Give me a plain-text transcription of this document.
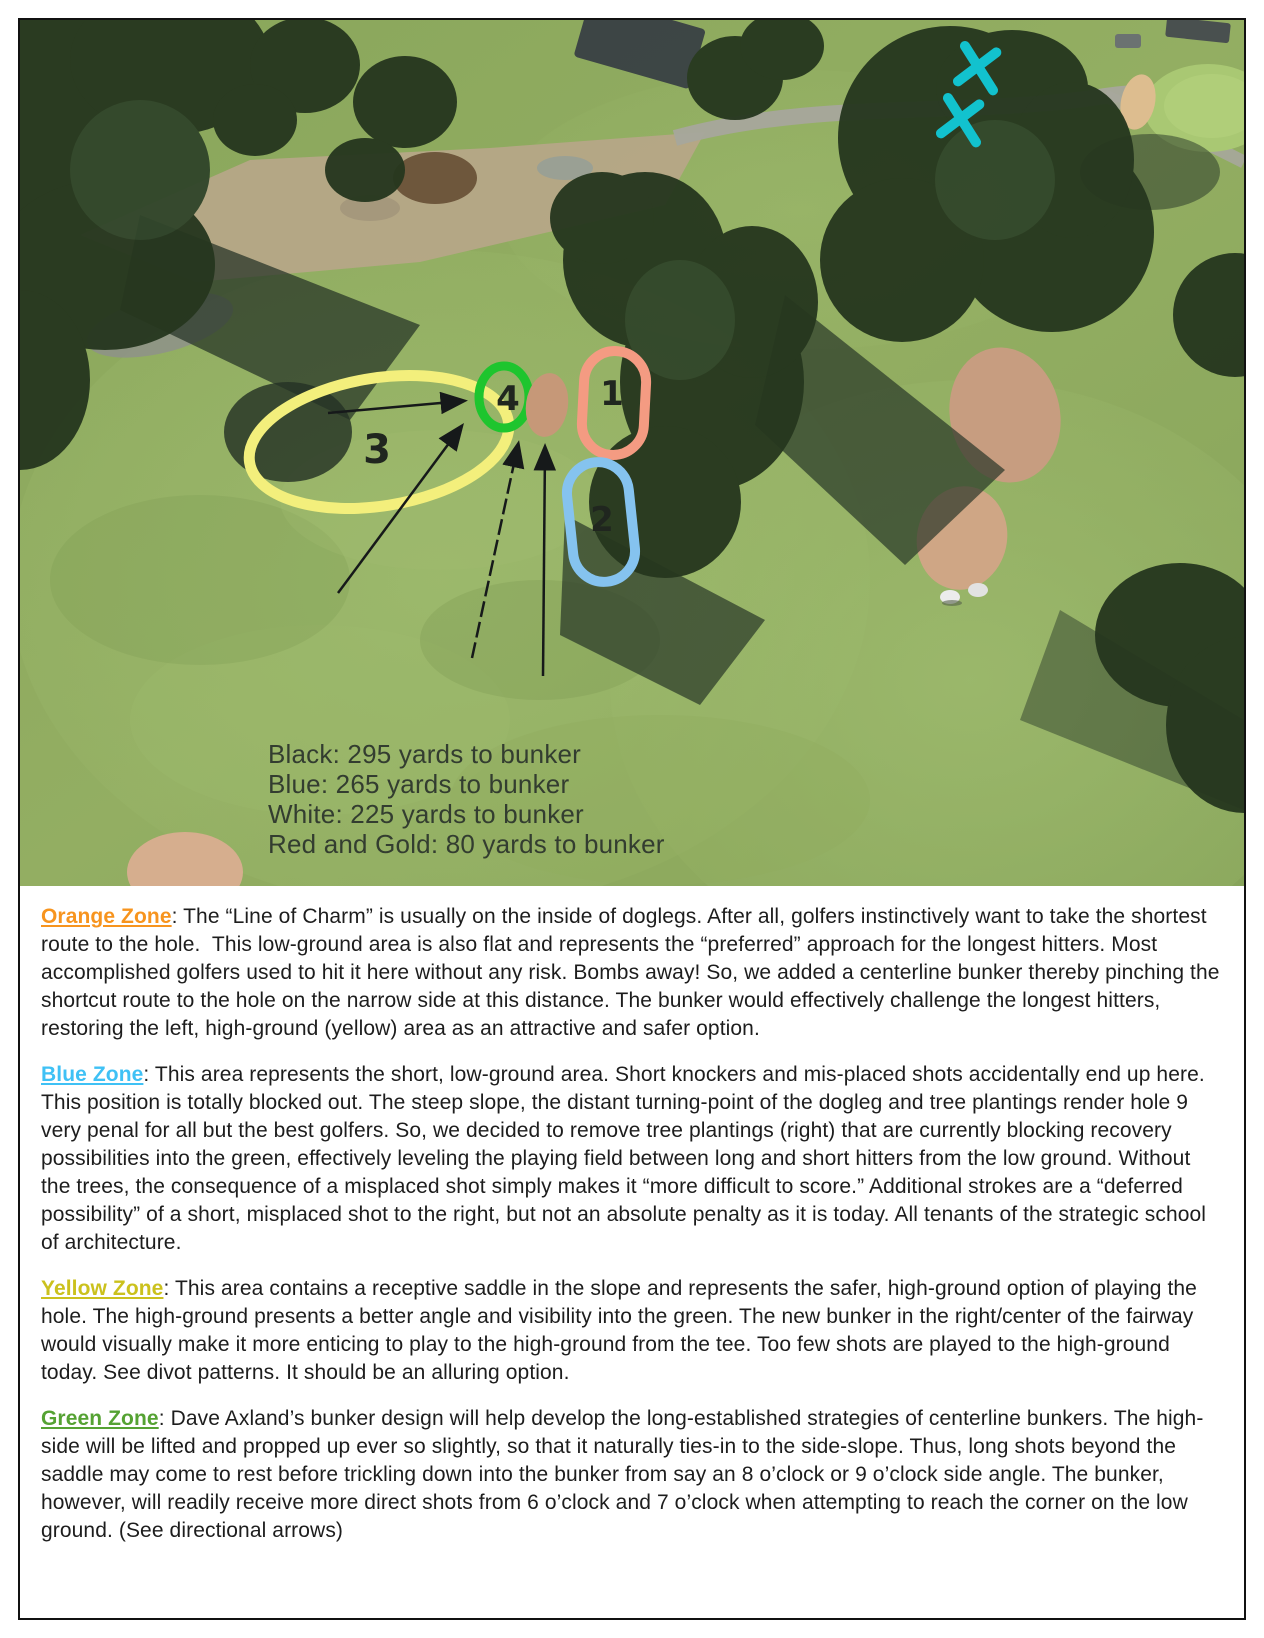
1
2
3
4
Black: 295 yards to bunker
Blue: 265 yards to bunker
White: 225 yards to bunker
Red and Gold: 80 yards to bunker

Orange Zone: The “Line of Charm” is usually on the inside of doglegs. After all, golfers instinctively want to take the shortest route to the hole.  This low-ground area is also flat and represents the “preferred” approach for the longest hitters. Most accomplished golfers used to hit it here without any risk. Bombs away! So, we added a centerline bunker thereby pinching the shortcut route to the hole on the narrow side at this distance. The bunker would effectively challenge the longest hitters, restoring the left, high-ground (yellow) area as an attractive and safer option.

Blue Zone: This area represents the short, low-ground area. Short knockers and mis-placed shots accidentally end up here. This position is totally blocked out. The steep slope, the distant turning-point of the dogleg and tree plantings render hole 9 very penal for all but the best golfers. So, we decided to remove tree plantings (right) that are currently blocking recovery possibilities into the green, effectively leveling the playing field between long and short hitters from the low ground. Without the trees, the consequence of a misplaced shot simply makes it “more difficult to score.” Additional strokes are a “deferred possibility” of a short, misplaced shot to the right, but not an absolute penalty as it is today. All tenants of the strategic school of architecture.

Yellow Zone: This area contains a receptive saddle in the slope and represents the safer, high-ground option of playing the hole. The high-ground presents a better angle and visibility into the green. The new bunker in the right/center of the fairway would visually make it more enticing to play to the high-ground from the tee. Too few shots are played to the high-ground today. See divot patterns. It should be an alluring option.

Green Zone: Dave Axland’s bunker design will help develop the long-established strategies of centerline bunkers. The high-side will be lifted and propped up ever so slightly, so that it naturally ties-in to the side-slope. Thus, long shots beyond the saddle may come to rest before trickling down into the bunker from say an 8 o’clock or 9 o’clock side angle. The bunker, however, will readily receive more direct shots from 6 o’clock and 7 o’clock when attempting to reach the corner on the low ground. (See directional arrows)
